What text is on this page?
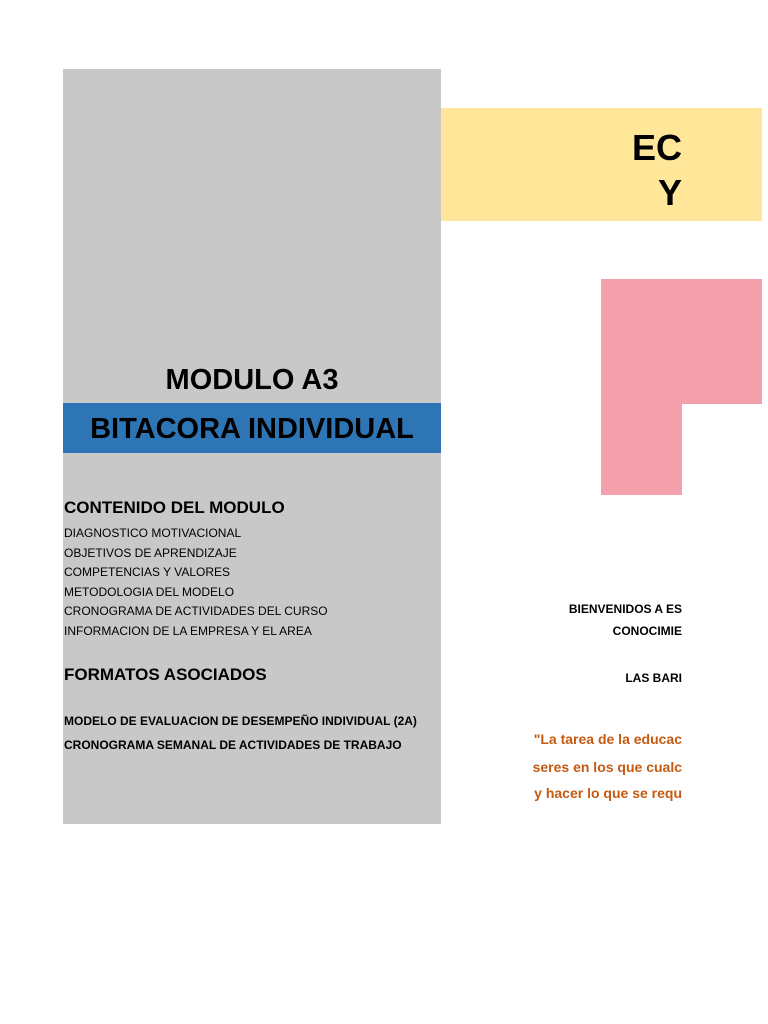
MODULO A3
BITACORA INDIVIDUAL
CONTENIDO DEL MODULO
DIAGNOSTICO MOTIVACIONAL
OBJETIVOS DE APRENDIZAJE
COMPETENCIAS Y VALORES
METODOLOGIA DEL MODELO
CRONOGRAMA DE ACTIVIDADES DEL CURSO
INFORMACION DE LA EMPRESA Y EL AREA
FORMATOS ASOCIADOS
MODELO DE EVALUACION DE DESEMPEÑO INDIVIDUAL (2A)
CRONOGRAMA SEMANAL DE ACTIVIDADES DE TRABAJO
EC
Y
BIENVENIDOS A ES
CONOCIMIE
LAS BARI
"La tarea de la educac
seres en los que cualc
y hacer lo que se requ
